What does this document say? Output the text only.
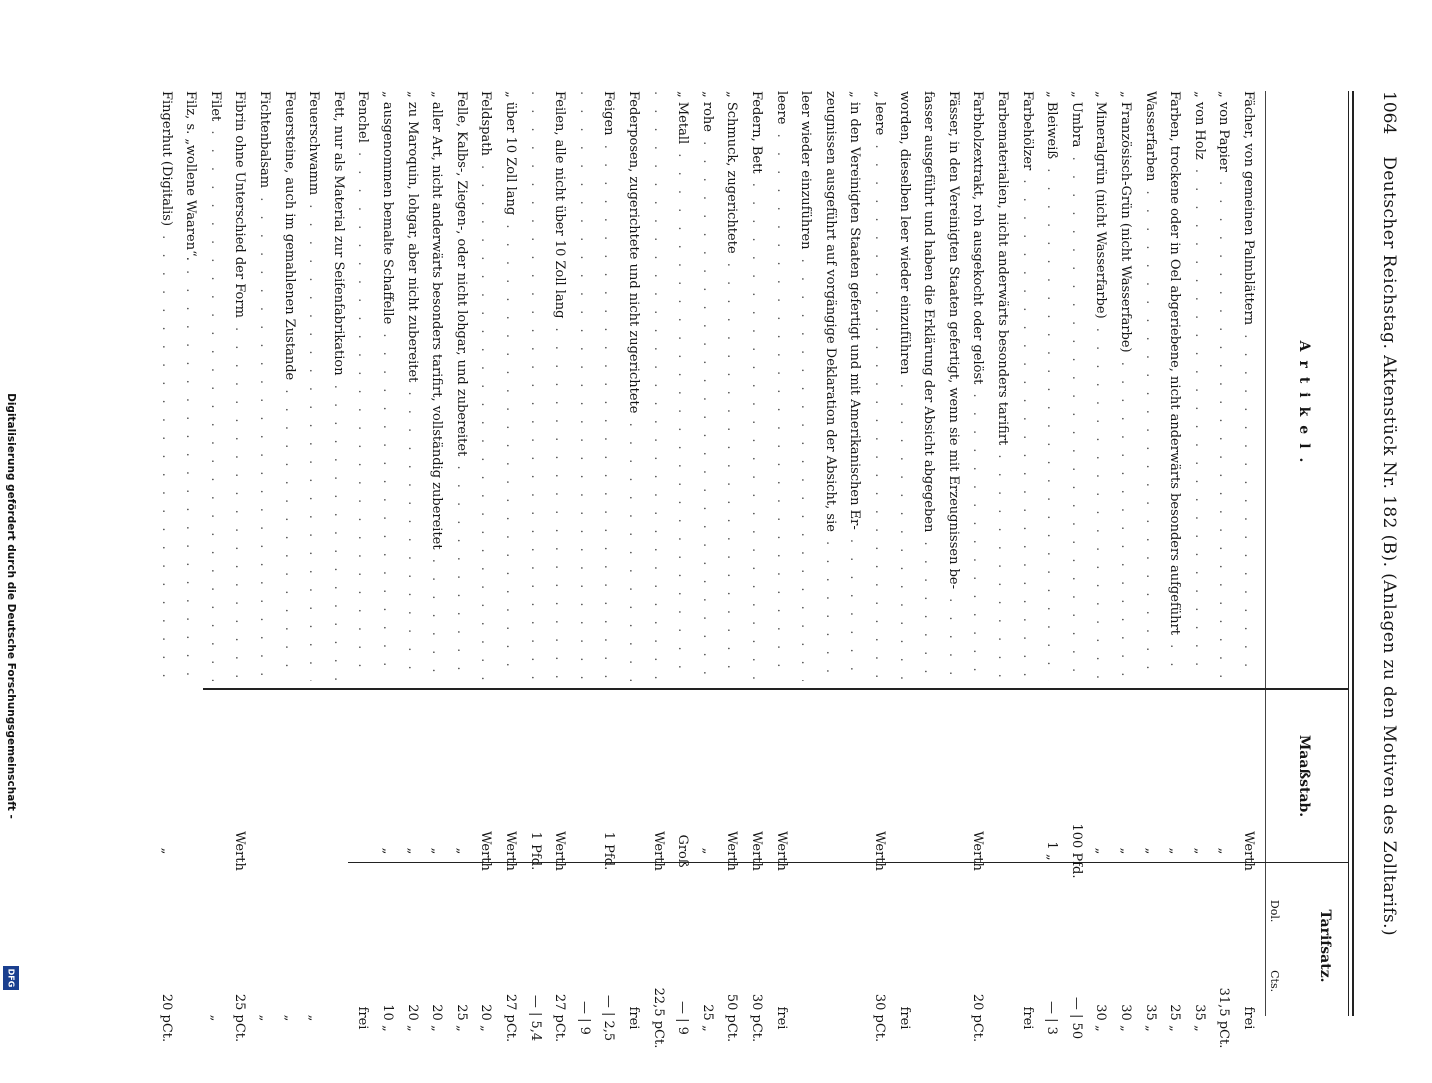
Digitalisierung gefördert durch die Deutsche Forschungsgemeinschaft -
DFG
1064
Deutscher Reichstag. Aktenstück Nr. 182 (B). (Anlagen zu den Motiven des Zolltarifs.)
Artikel.
Maaßstab.
Tarifsatz.
Dol.
Cts.
Fächer, von gemeinen Palmblättern . . .
Werth
frei
„ von Papier . . .
„
31,5 pCt.
„ von Holz . . .
„
35 „
Farben, trockene oder in Oel abgeriebene, nicht anderwärts besonders aufgeführt . . .
„
25 „
Wasserfarben . . .
„
35 „
„ Französisch-Grün (nicht Wasserfarbe) . . .
„
30 „
„ Mineralgrün (nicht Wasserfarbe) . . .
„
30 „
„ Umbra . . .
100 Pfd.
— | 50
„ Bleiweiß . . .
1 „
— | 3
Farbehölzer . . .
frei
Farbematerialien, nicht anderwärts besonders tarifirt . . .
Farbholzextrakt, roh ausgekocht oder gelöst . . .
Werth
20 pCt.
Fässer, in den Vereinigten Staaten gefertigt, wenn sie mit Erzeugnissen be- . . .
fasser ausgeführt und haben die Erklärung der Absicht abgegeben . . .
worden, dieselben leer wieder einzuführen . . .
frei
„ leere . . .
Werth
30 pCt.
„ in den Vereinigten Staaten gefertigt und mit Amerikanischen Er- . . .
zeugnissen ausgeführt auf vorgängige Deklaration der Absicht, sie . . .
leer wieder einzuführen . . .
leere . . .
Werth
frei
Federn, Bett . . .
Werth
30 pCt.
„ Schmuck, zugerichtete . . .
Werth
50 pCt.
„ rohe . . .
„
25 „
„ Metall . . .
Groß
— | 9
. . .
Werth
22,5 pCt.
Federposen, zugerichtete und nicht zugerichtete . . .
frei
Feigen . . .
1 Pfd.
— | 2,5
. . .
— | 9
Feilen, alle nicht über 10 Zoll lang . . .
Werth
27 pCt.
. . .
1 Pfd.
— | 5,4
„ über 10 Zoll lang . . .
Werth
27 pCt.
Feldspath . . .
Werth
20 „
Felle, Kalbs-, Ziegen-, oder nicht lohgar, und zubereitet . . .
„
25 „
„ aller Art, nicht anderwärts besonders tarifirt, vollständig zubereitet . . .
„
20 „
„ zu Maroquin, lohgar, aber nicht zubereitet . . .
„
20 „
„ ausgenommen bemalte Schaffelle . . .
„
10 „
Fenchel . . .
frei
Fett, nur als Material zur Seifenfabrikation . . .
Feuerschwamm . . .
„
Feuersteine, auch im gemahlenen Zustande . . .
„
Fichtenbalsam . . .
„
Fibrin ohne Unterschied der Form . . .
Werth
25 pCt.
Filet . . .
„
Filz, s. „wollene Waaren“. . . .
Fingerhut (Digitalis) . . .
„
20 pCt.
